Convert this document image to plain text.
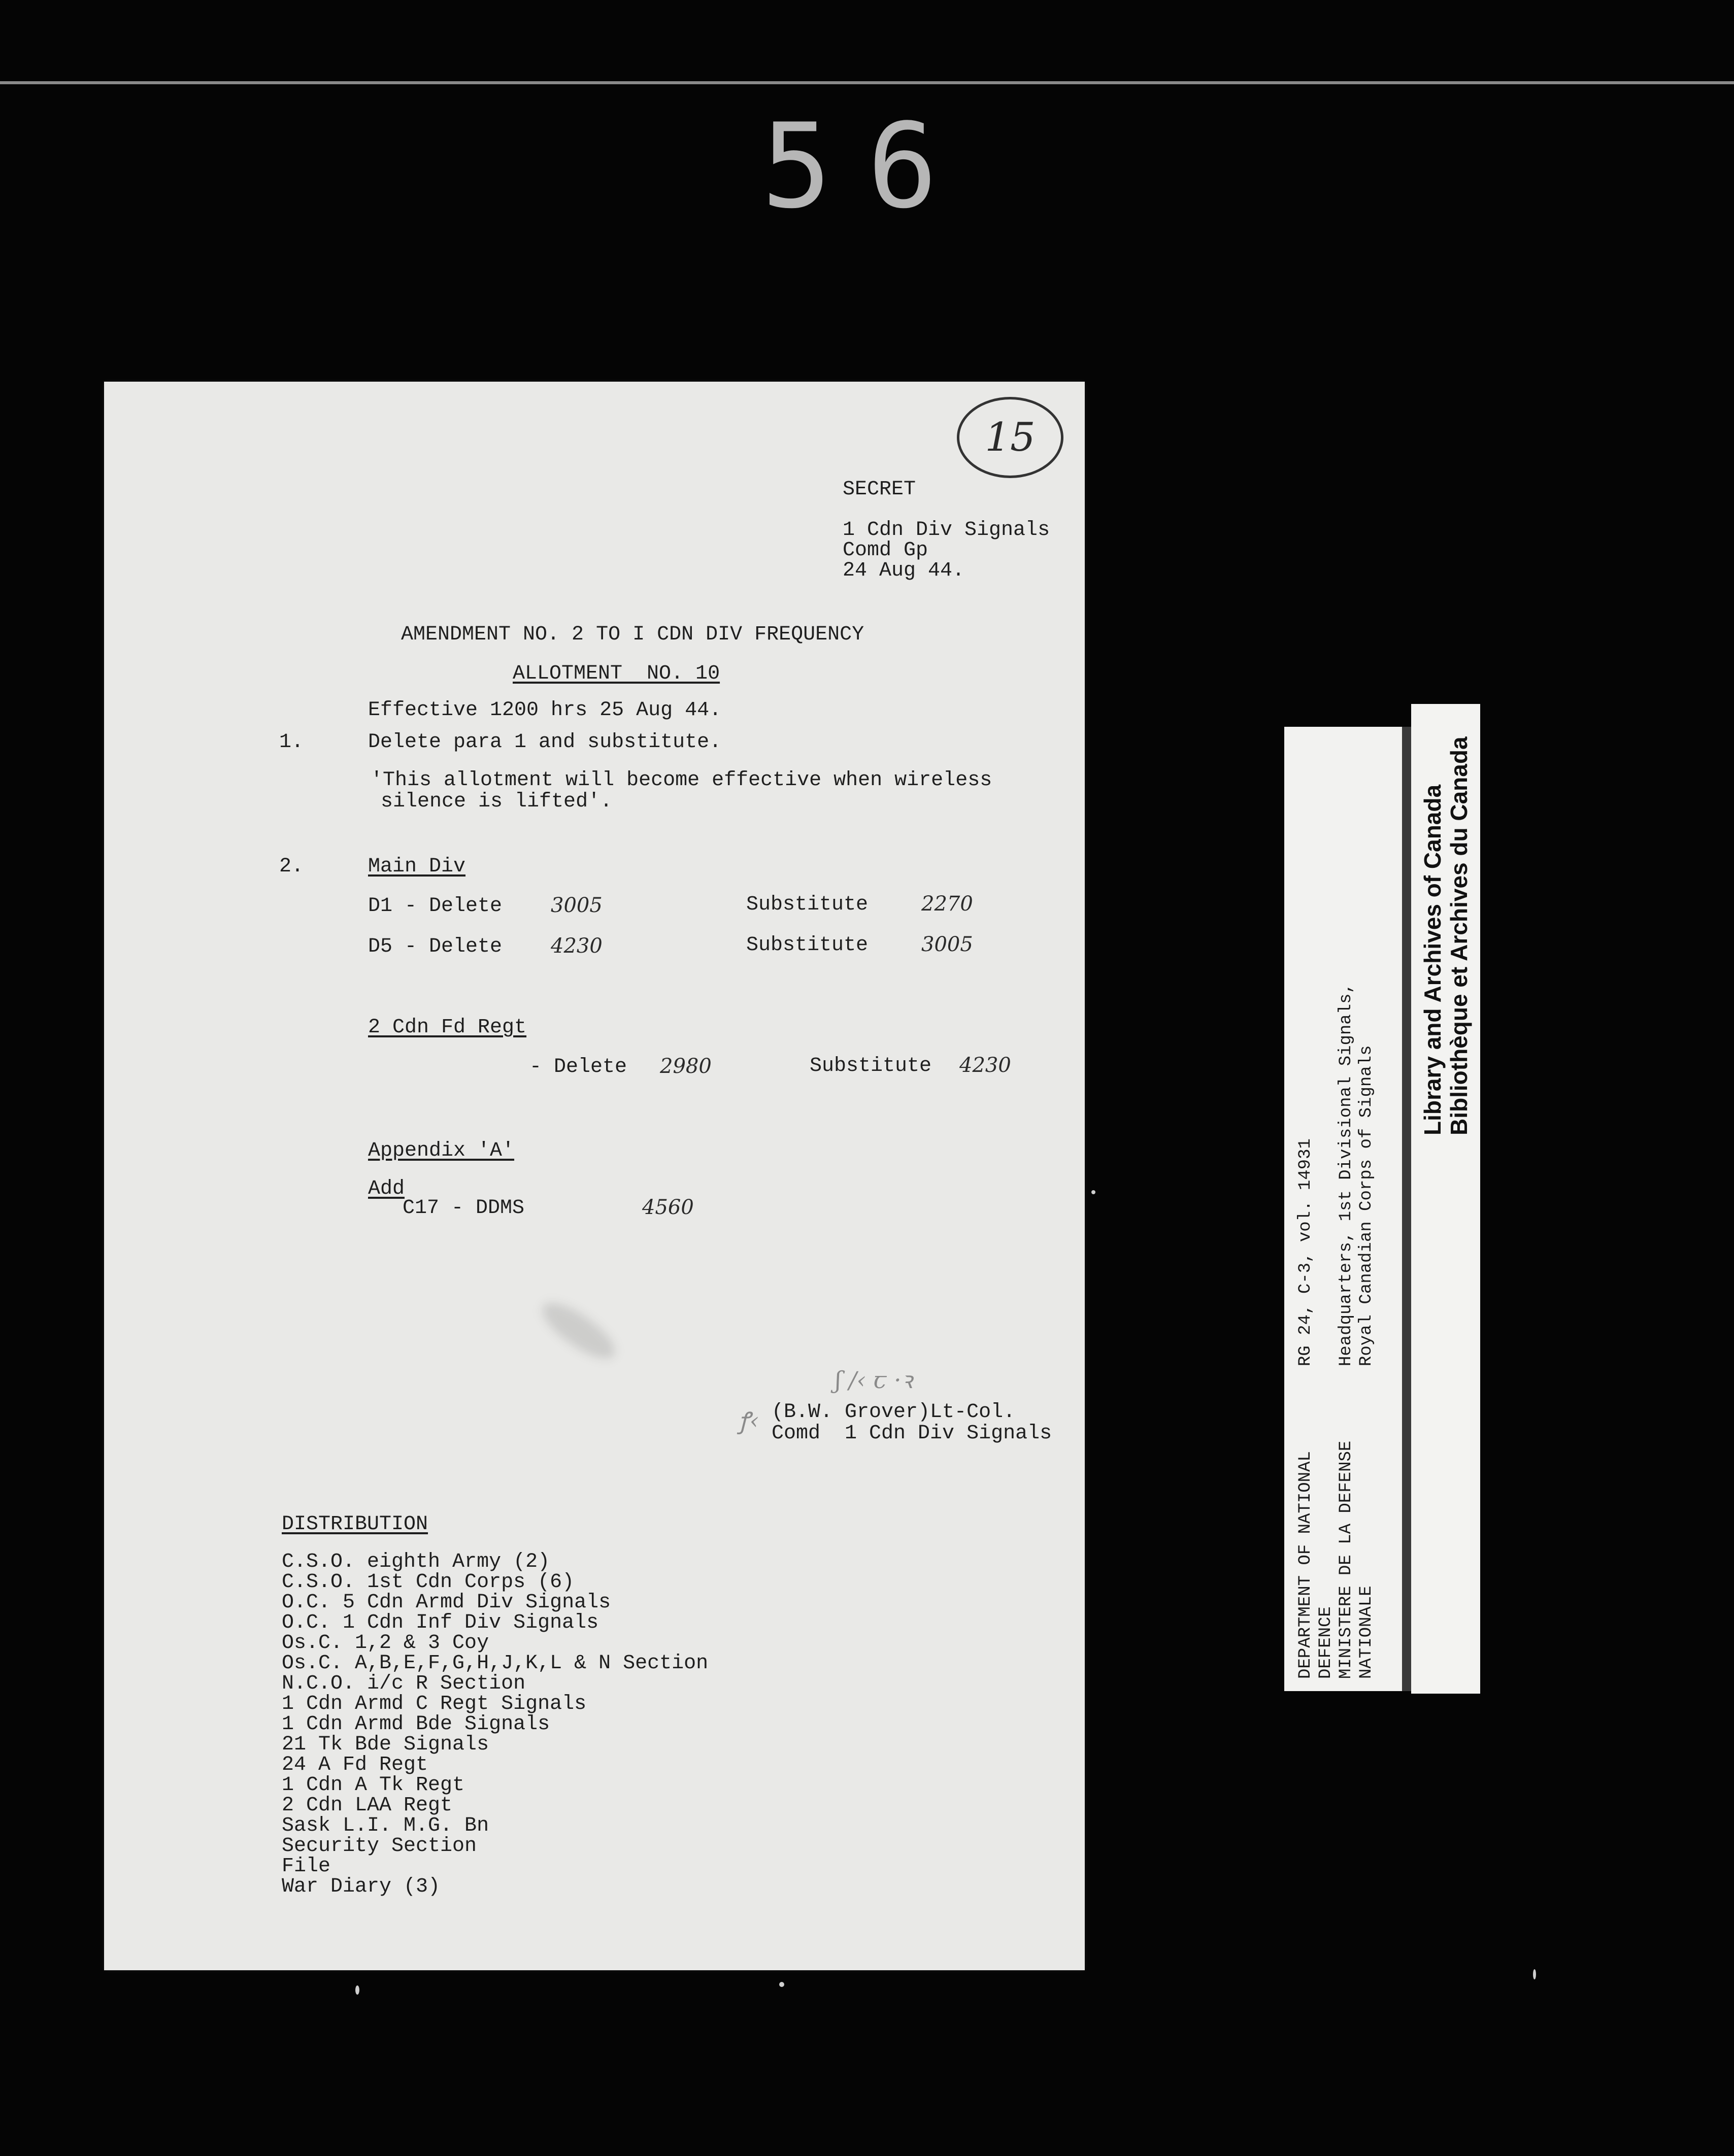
56
15
SECRET
1 Cdn Div Signals
Comd Gp
24 Aug 44.
AMENDMENT NO. 2 TO I CDN DIV FREQUENCY
ALLOTMENT  NO. 10
Effective 1200 hrs 25 Aug 44.
1.	Delete para 1 and substitute.
'This allotment will become effective when wireless
silence is lifted'.
2.	Main Div
D1 - Delete 3005	Substitute	2270
D5 - Delete 4230	Substitute	3005
2 Cdn Fd Regt
- Delete 2980	Substitute 4230
Appendix 'A'
Add
C17 - DDMS	4560
ʃ /‹ ꞇ ·ꝛ
ꝭ‹ (B.W. Grover)Lt-Col.
Comd  1 Cdn Div Signals
DISTRIBUTION
C.S.O. eighth Army (2)
C.S.O. 1st Cdn Corps (6)
O.C. 5 Cdn Armd Div Signals
O.C. 1 Cdn Inf Div Signals
Os.C. 1,2 & 3 Coy
Os.C. A,B,E,F,G,H,J,K,L & N Section
N.C.O. i/c R Section
1 Cdn Armd C Regt Signals
1 Cdn Armd Bde Signals
21 Tk Bde Signals
24 A Fd Regt
1 Cdn A Tk Regt
2 Cdn LAA Regt
Sask L.I. M.G. Bn
Security Section
File
War Diary (3)
DEPARTMENT OF NATIONAL
DEFENCE
MINISTERE DE LA DEFENSE
NATIONALE
RG 24, C-3, vol. 14931 Headquarters, 1st Divisional Signals,
Royal Canadian Corps of Signals
Library and Archives of Canada Bibliothèque et Archives du Canada
